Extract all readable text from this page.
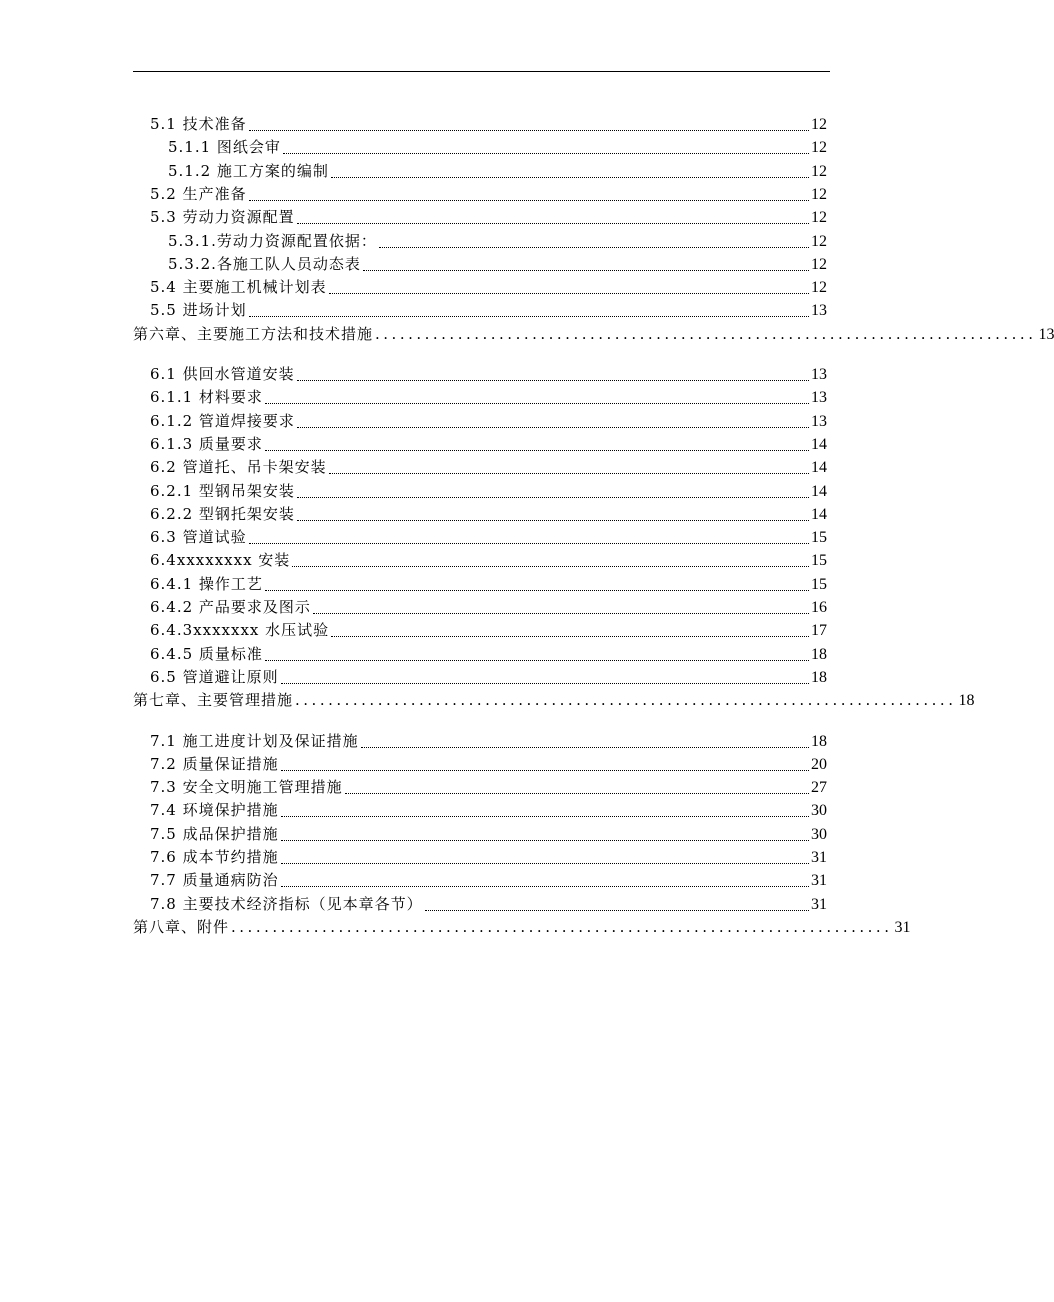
5.1 技术准备	12
5.1.1 图纸会审	12
5.1.2 施工方案的编制	12
5.2 生产准备	12
5.3 劳动力资源配置	12
5.3.1.劳动力资源配置依据：	12
5.3.2.各施工队人员动态表	12
5.4 主要施工机械计划表	12
5.5 进场计划	13
第六章、主要施工方法和技术措施 ................................................................................ 13
6.1 供回水管道安装	13
6.1.1 材料要求	13
6.1.2 管道焊接要求	13
6.1.3 质量要求	14
6.2 管道托、吊卡架安装	14
6.2.1 型钢吊架安装	14
6.2.2 型钢托架安装	14
6.3 管道试验	15
6.4xxxxxxxx 安装	15
6.4.1 操作工艺	15
6.4.2 产品要求及图示	16
6.4.3xxxxxxx 水压试验	17
6.4.5 质量标准	18
6.5 管道避让原则	18
第七章、主要管理措施 ................................................................................ 18
7.1 施工进度计划及保证措施	18
7.2 质量保证措施	20
7.3 安全文明施工管理措施	27
7.4 环境保护措施	30
7.5 成品保护措施	30
7.6 成本节约措施	31
7.7 质量通病防治	31
7.8 主要技术经济指标（见本章各节）	31
第八章、附件 ................................................................................ 31
